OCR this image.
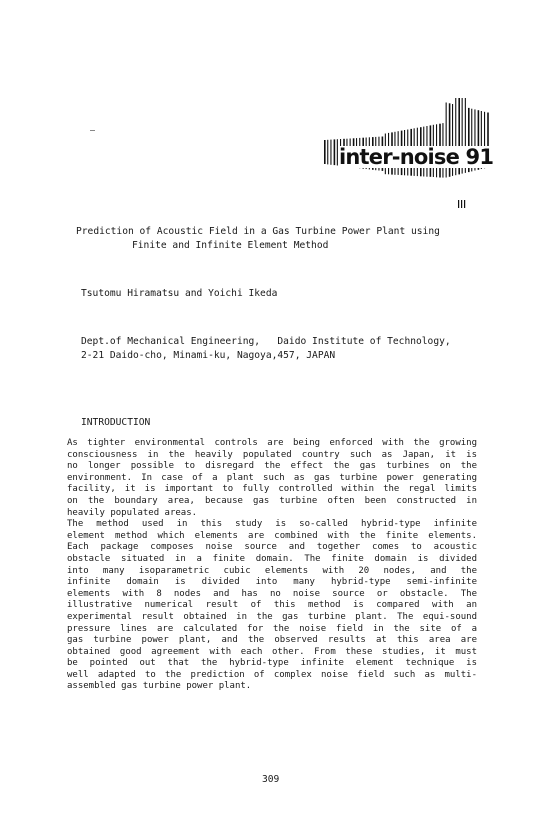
inter-noise 91
Prediction of Acoustic Field in a Gas Turbine Power Plant using
Finite and Infinite Element Method
Tsutomu Hiramatsu and Yoichi Ikeda
Dept.of Mechanical Engineering,   Daido Institute of Technology,
2-21 Daido-cho, Minami-ku, Nagoya,457, JAPAN
INTRODUCTION
As tighter environmental controls are being enforced with the growing
consciousness in the heavily populated country such as Japan, it is
no longer possible to disregard the effect the gas turbines on the
environment. In case of a plant such as gas turbine power generating
facility, it is important to fully controlled within the regal limits
on the boundary area, because gas turbine often been constructed in
heavily populated areas.
The method used in this study is so-called hybrid-type infinite
element method which elements are combined with the finite elements.
Each package composes noise source and together comes to acoustic
obstacle situated in a finite domain. The finite domain is divided
into many isoparametric cubic elements with 20 nodes, and the
infinite domain is divided into many hybrid-type semi-infinite
elements with 8 nodes and has no noise source or obstacle. The
illustrative numerical result of this method is compared with an
experimental result obtained in the gas turbine plant. The equi-sound
pressure lines are calculated for the noise field in the site of a
gas turbine power plant, and the observed results at this area are
obtained good agreement with each other. From these studies, it must
be pointed out that the hybrid-type infinite element technique is
well adapted to the prediction of complex noise field such as multi-
assembled gas turbine power plant.
309
